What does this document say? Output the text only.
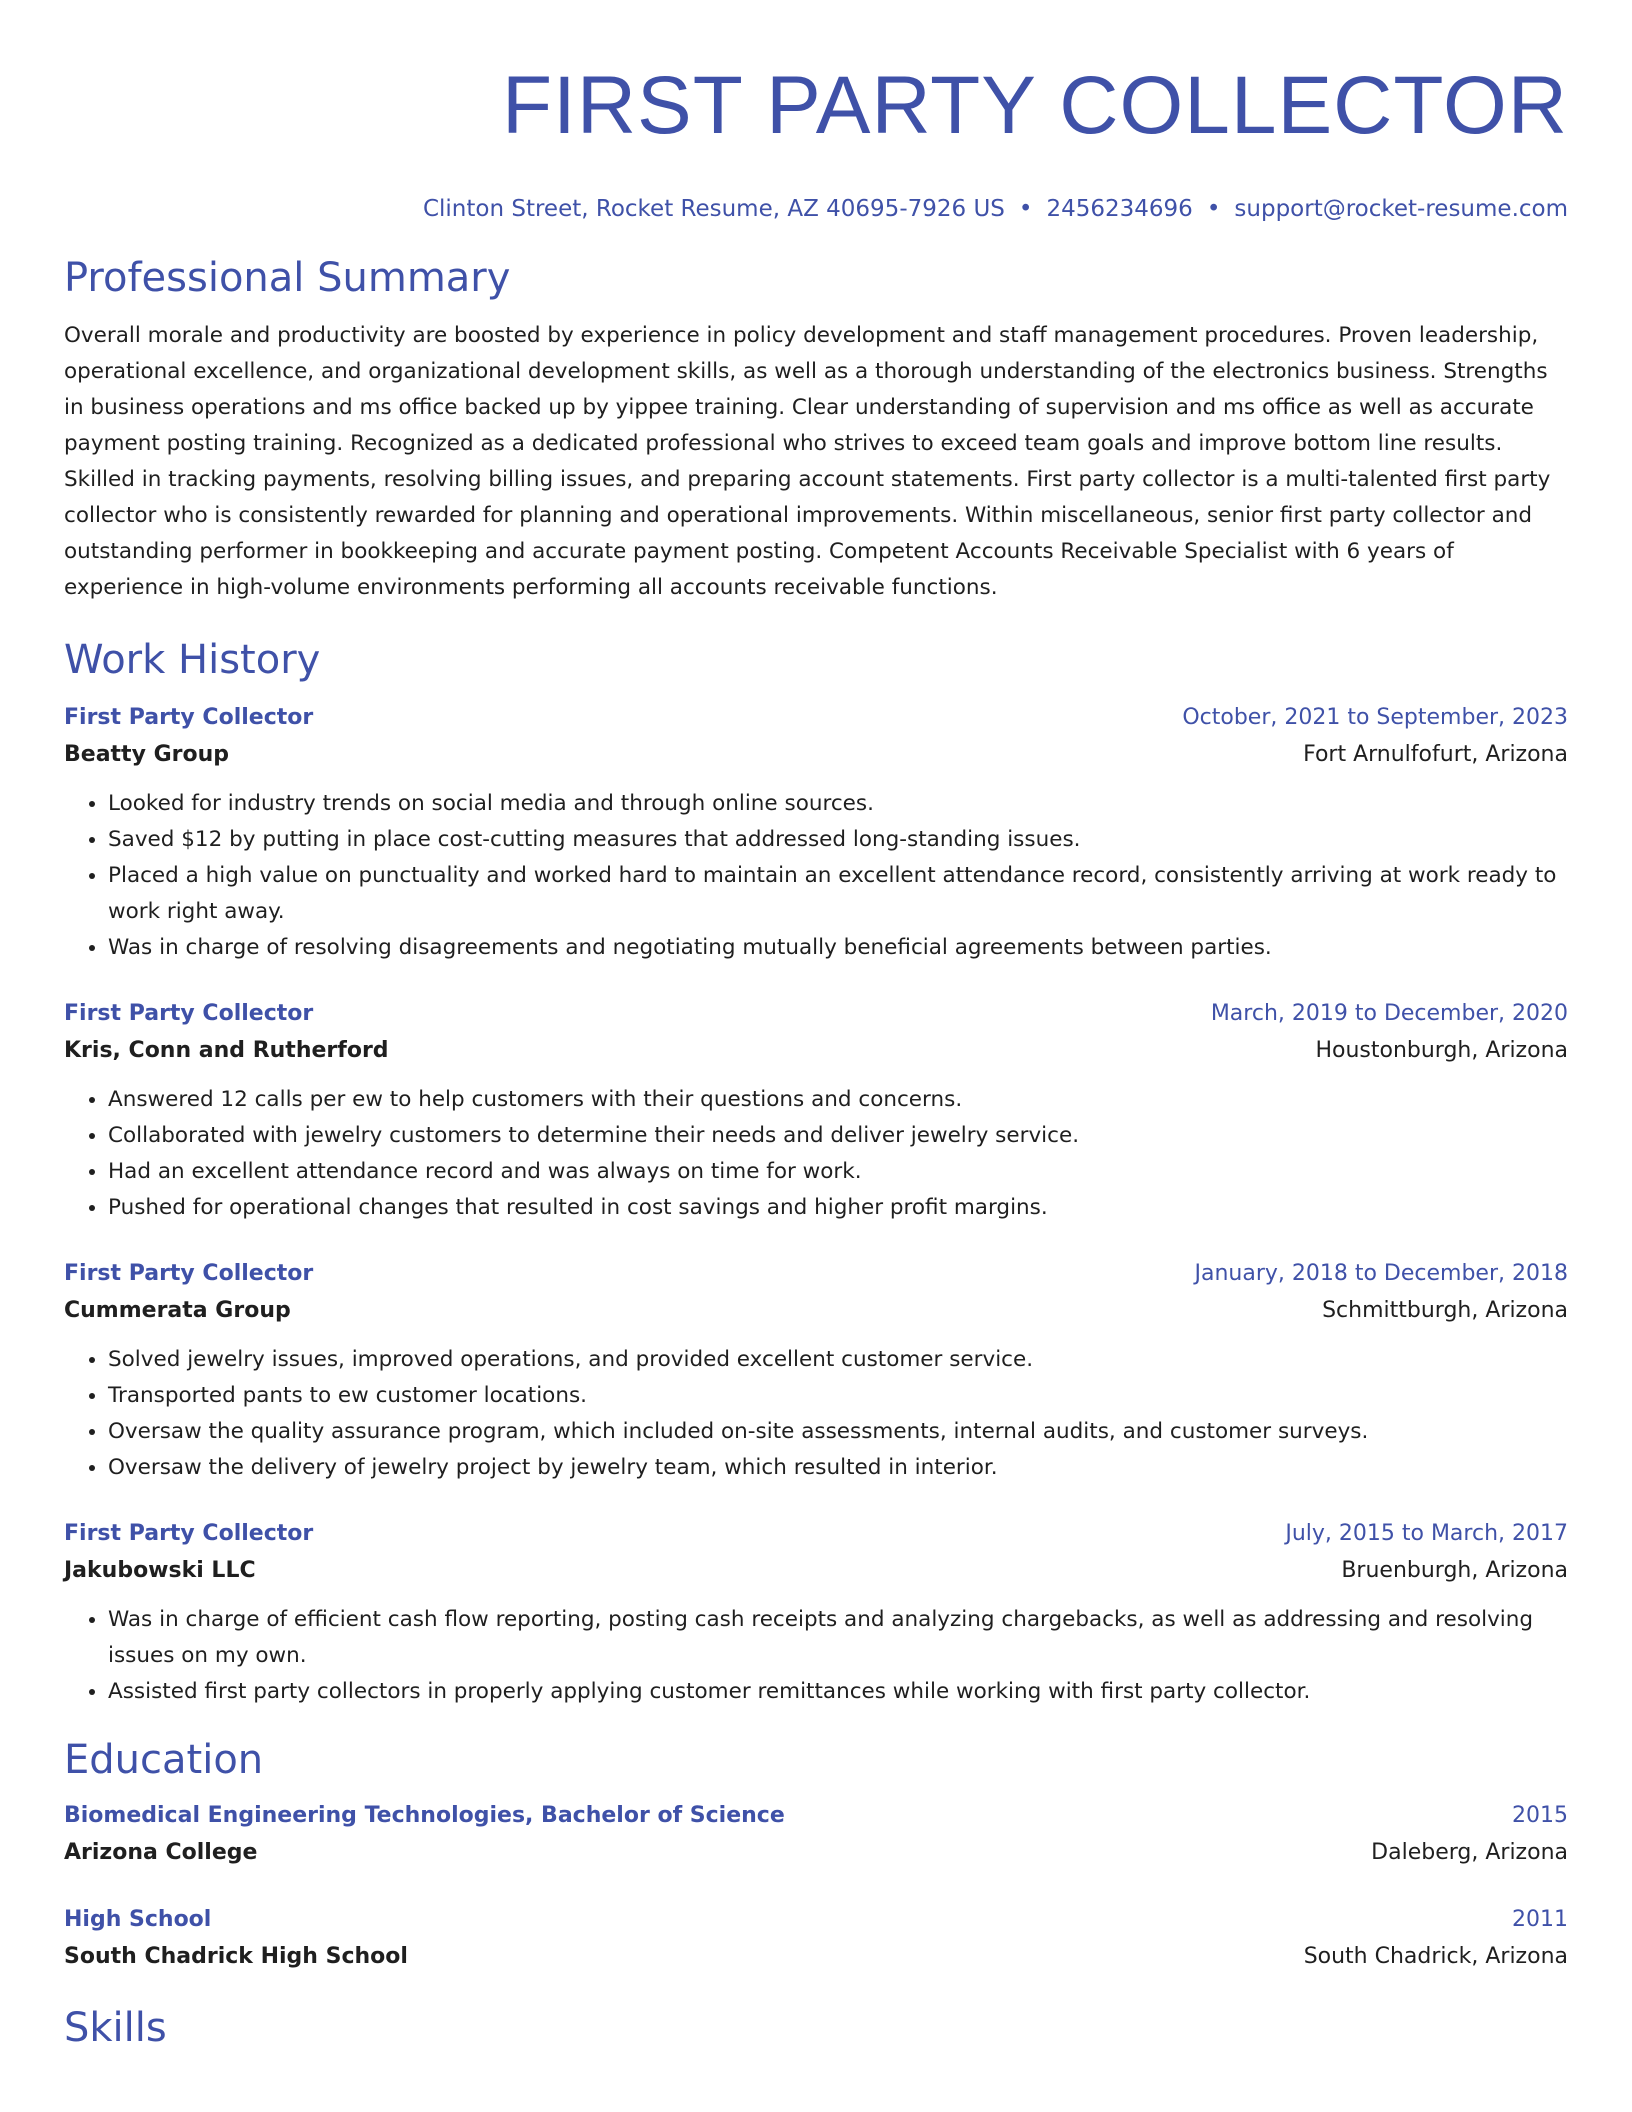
FIRST PARTY COLLECTOR
Clinton Street, Rocket Resume, AZ 40695-7926 US • 2456234696 • support@rocket-resume.com
Professional Summary
Overall morale and productivity are boosted by experience in policy development and staff management procedures. Proven leadership, operational excellence, and organizational development skills, as well as a thorough understanding of the electronics business. Strengths in business operations and ms office backed up by yippee training. Clear understanding of supervision and ms office as well as accurate payment posting training. Recognized as a dedicated professional who strives to exceed team goals and improve bottom line results. Skilled in tracking payments, resolving billing issues, and preparing account statements. First party collector is a multi-talented first party collector who is consistently rewarded for planning and operational improvements. Within miscellaneous, senior first party collector and outstanding performer in bookkeeping and accurate payment posting. Competent Accounts Receivable Specialist with 6 years of experience in high-volume environments performing all accounts receivable functions.
Work History
First Party Collector	October, 2021 to September, 2023
Beatty Group	Fort Arnulfofurt, Arizona
• Looked for industry trends on social media and through online sources.
• Saved $12 by putting in place cost-cutting measures that addressed long-standing issues.
• Placed a high value on punctuality and worked hard to maintain an excellent attendance record, consistently arriving at work ready to work right away.
• Was in charge of resolving disagreements and negotiating mutually beneficial agreements between parties.
First Party Collector	March, 2019 to December, 2020
Kris, Conn and Rutherford	Houstonburgh, Arizona
• Answered 12 calls per ew to help customers with their questions and concerns.
• Collaborated with jewelry customers to determine their needs and deliver jewelry service.
• Had an excellent attendance record and was always on time for work.
• Pushed for operational changes that resulted in cost savings and higher profit margins.
First Party Collector	January, 2018 to December, 2018
Cummerata Group	Schmittburgh, Arizona
• Solved jewelry issues, improved operations, and provided excellent customer service.
• Transported pants to ew customer locations.
• Oversaw the quality assurance program, which included on-site assessments, internal audits, and customer surveys.
• Oversaw the delivery of jewelry project by jewelry team, which resulted in interior.
First Party Collector	July, 2015 to March, 2017
Jakubowski LLC	Bruenburgh, Arizona
• Was in charge of efficient cash flow reporting, posting cash receipts and analyzing chargebacks, as well as addressing and resolving issues on my own.
• Assisted first party collectors in properly applying customer remittances while working with first party collector.
Education
Biomedical Engineering Technologies, Bachelor of Science	2015
Arizona College	Daleberg, Arizona
High School	2011
South Chadrick High School	South Chadrick, Arizona
Skills
